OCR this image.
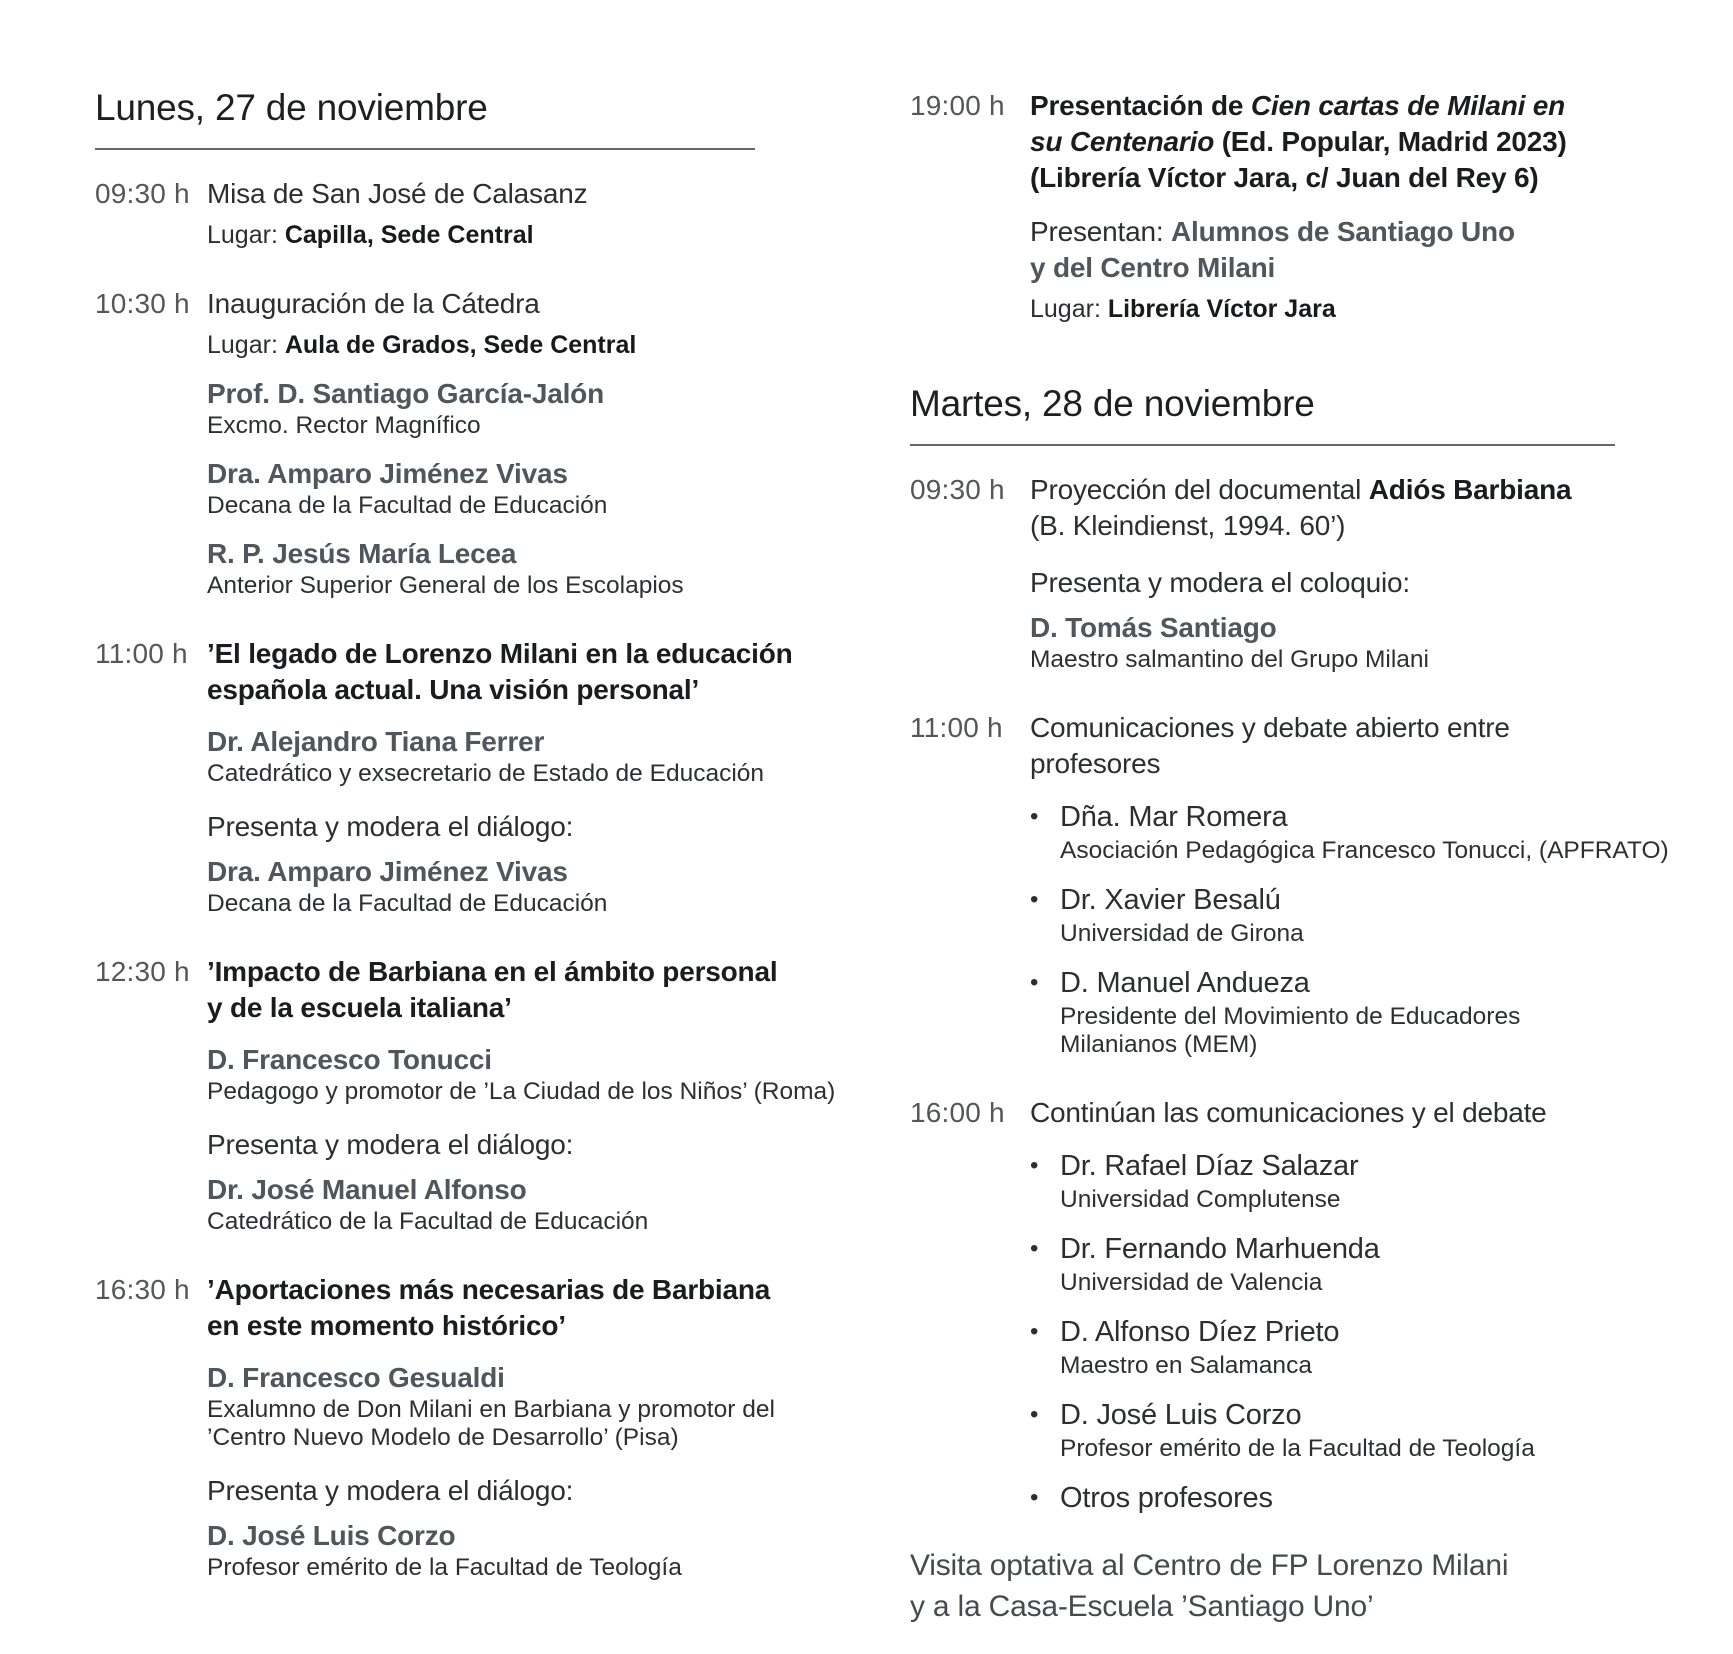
Lunes, 27 de noviembre
09:30 h Misa de San José de Calasanz
Lugar: Capilla, Sede Central
10:30 h Inauguración de la Cátedra
Lugar: Aula de Grados, Sede Central
Prof. D. Santiago García-Jalón
Excmo. Rector Magnífico
Dra. Amparo Jiménez Vivas
Decana de la Facultad de Educación
R. P. Jesús María Lecea
Anterior Superior General de los Escolapios
11:00 h ’El legado de Lorenzo Milani en la educación
española actual. Una visión personal’
Dr. Alejandro Tiana Ferrer
Catedrático y exsecretario de Estado de Educación
Presenta y modera el diálogo:
Dra. Amparo Jiménez Vivas
Decana de la Facultad de Educación
12:30 h ’Impacto de Barbiana en el ámbito personal
y de la escuela italiana’
D. Francesco Tonucci
Pedagogo y promotor de ’La Ciudad de los Niños’ (Roma)
Presenta y modera el diálogo:
Dr. José Manuel Alfonso
Catedrático de la Facultad de Educación
16:30 h ’Aportaciones más necesarias de Barbiana
en este momento histórico’
D. Francesco Gesualdi
Exalumno de Don Milani en Barbiana y promotor del
’Centro Nuevo Modelo de Desarrollo’ (Pisa)
Presenta y modera el diálogo:
D. José Luis Corzo
Profesor emérito de la Facultad de Teología
19:00 h Presentación de Cien cartas de Milani en
su Centenario (Ed. Popular, Madrid 2023)
(Librería Víctor Jara, c/ Juan del Rey 6)
Presentan: Alumnos de Santiago Uno
y del Centro Milani
Lugar: Librería Víctor Jara
Martes, 28 de noviembre
09:30 h Proyección del documental Adiós Barbiana
(B. Kleindienst, 1994. 60’)
Presenta y modera el coloquio:
D. Tomás Santiago
Maestro salmantino del Grupo Milani
11:00 h Comunicaciones y debate abierto entre
profesores
• Dña. Mar Romera
Asociación Pedagógica Francesco Tonucci, (APFRATO)
• Dr. Xavier Besalú
Universidad de Girona
• D. Manuel Andueza
Presidente del Movimiento de Educadores
Milanianos (MEM)
16:00 h Continúan las comunicaciones y el debate
• Dr. Rafael Díaz Salazar
Universidad Complutense
• Dr. Fernando Marhuenda
Universidad de Valencia
• D. Alfonso Díez Prieto
Maestro en Salamanca
• D. José Luis Corzo
Profesor emérito de la Facultad de Teología
• Otros profesores
Visita optativa al Centro de FP Lorenzo Milani
y a la Casa-Escuela ’Santiago Uno’
